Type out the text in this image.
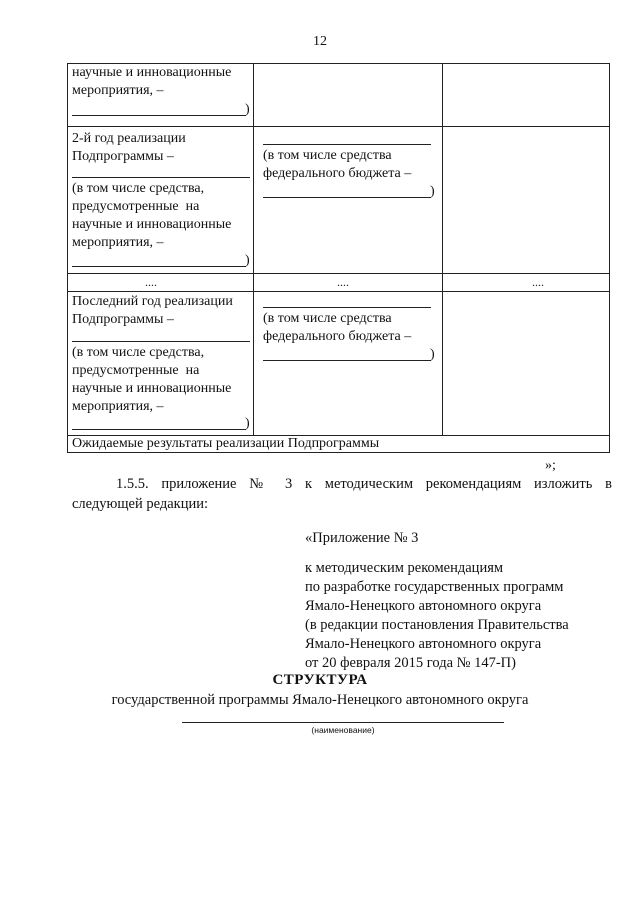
12
научные и инновационные
мероприятия, –
)
2-й год реализации
Подпрограммы –
(в том числе средства,
предусмотренные  на
научные и инновационные
мероприятия, –
)
(в том числе средства
федерального бюджета –
)
....	....	....
Последний год реализации
Подпрограммы –
(в том числе средства,
предусмотренные  на
научные и инновационные
мероприятия, –
)
(в том числе средства
федерального бюджета –
)
Ожидаемые результаты реализации Подпрограммы
»;
1.5.5. приложение № 3 к методическим рекомендациям изложить в
следующей редакции:
«Приложение № 3
к методическим рекомендациям
по разработке государственных программ
Ямало-Ненецкого автономного округа
(в редакции постановления Правительства
Ямало-Ненецкого автономного округа
от 20 февраля 2015 года № 147-П)
СТРУКТУРА
государственной программы Ямало-Ненецкого автономного округа
(наименование)
